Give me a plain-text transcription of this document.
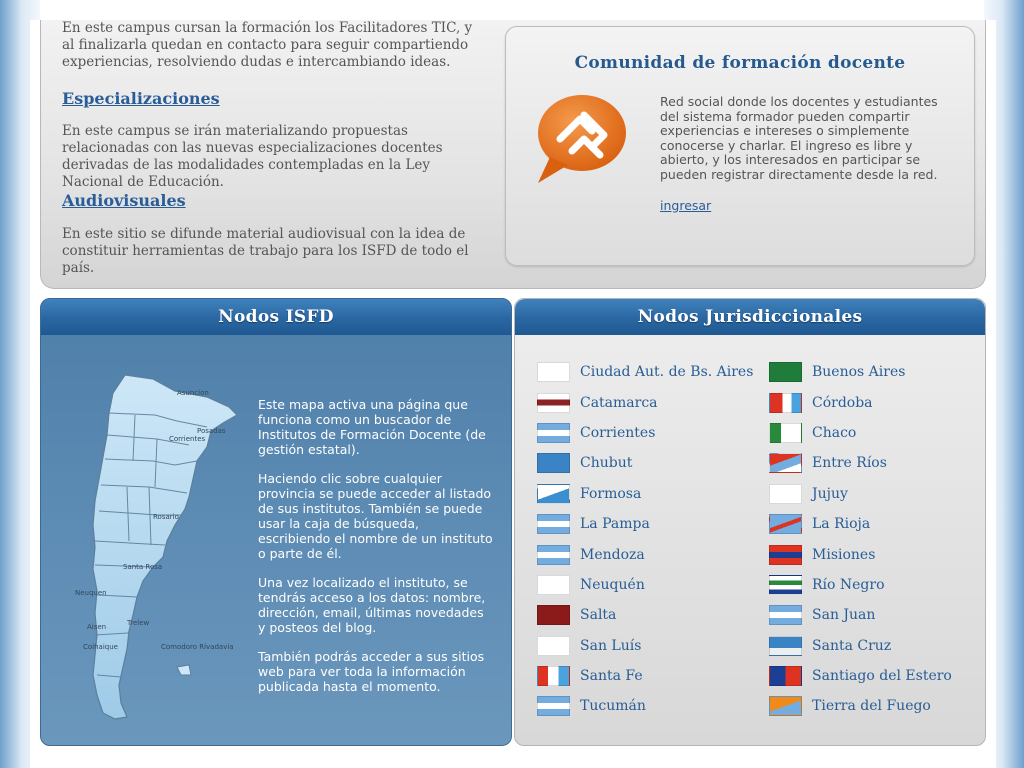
En este campus cursan la formación los Facilitadores TIC, y al finalizarla quedan en contacto para seguir compartiendo experiencias, resolviendo dudas e intercambiando ideas.

Especializaciones

En este campus se irán materializando propuestas relacionadas con las nuevas especializaciones docentes derivadas de las modalidades contempladas en la Ley Nacional de Educación.

Audiovisuales

En este sitio se difunde material audiovisual con la idea de constituir herramientas de trabajo para los ISFD de todo el país.

Comunidad de formación docente

Red social donde los docentes y estudiantes del sistema formador pueden compartir experiencias e intereses o simplemente conocerse y charlar. El ingreso es libre y abierto, y los interesados en participar se pueden registrar directamente desde la red.

ingresar
Nodos ISFD
Asuncion
Corrientes
Posadas
Rosario
Santa Rosa
Neuquen
Trelew
Aisen
Coihaique	Comodoro Rivadavia

Este mapa activa una página que funciona como un buscador de Institutos de Formación Docente (de gestión estatal).

Haciendo clic sobre cualquier provincia se puede acceder al listado de sus institutos. También se puede usar la caja de búsqueda, escribiendo el nombre de un instituto o parte de él.

Una vez localizado el instituto, se tendrás acceso a los datos: nombre, dirección, email, últimas novedades y posteos del blog.

También podrás acceder a sus sitios web para ver toda la información publicada hasta el momento.

Nodos Jurisdiccionales
Ciudad Aut. de Bs. Aires
Catamarca
Corrientes
Chubut
Formosa
La Pampa
Mendoza
Neuquén
Salta
San Luís
Santa Fe
Tucumán
Buenos Aires
Córdoba
Chaco
Entre Ríos
Jujuy
La Rioja
Misiones
Río Negro
San Juan
Santa Cruz
Santiago del Estero
Tierra del Fuego
